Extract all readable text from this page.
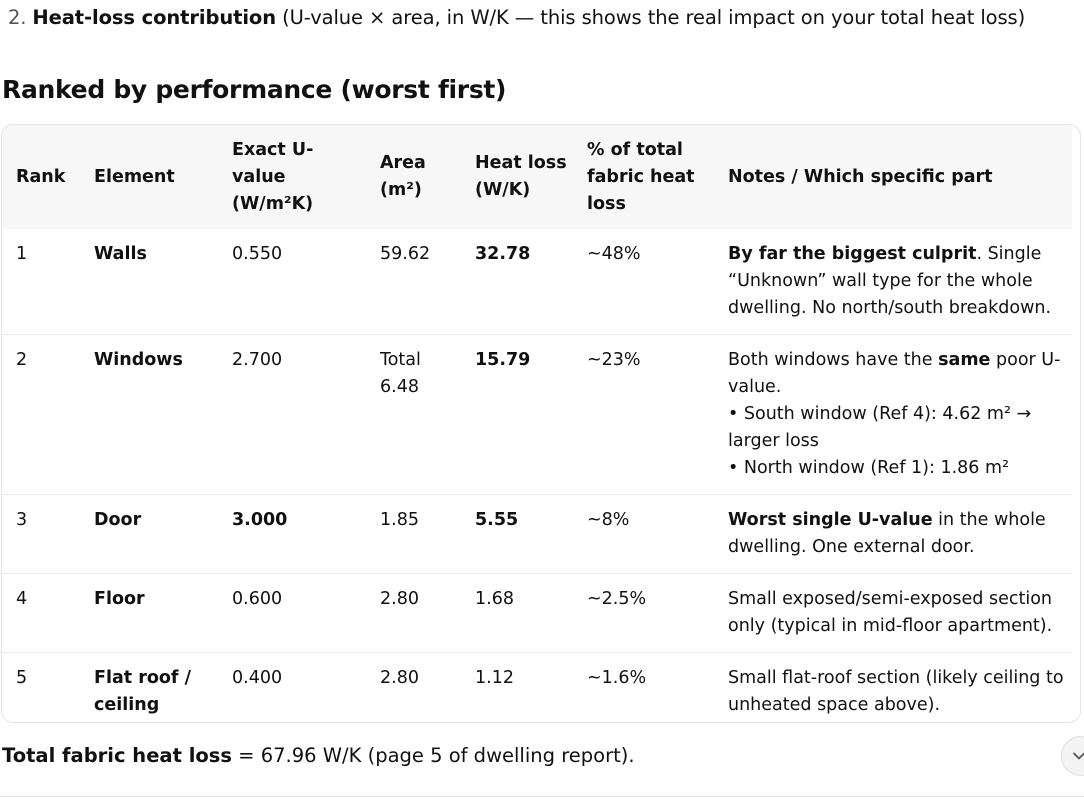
2. Heat-loss contribution (U-value × area, in W/K — this shows the real impact on your total heat loss)
Ranked by performance (worst first)
Rank	Element	Exact U-value (W/m²K)	Area (m²)	Heat loss (W/K)	% of total fabric heat loss	Notes / Which specific part
1	Walls	0.550	59.62	32.78	~48%	By far the biggest culprit. Single “Unknown” wall type for the whole dwelling. No north/south breakdown.
2	Windows	2.700	Total 6.48	15.79	~23%	Both windows have the same poor U-value.
• South window (Ref 4): 4.62 m² → larger loss
• North window (Ref 1): 1.86 m²
3	Door	3.000	1.85	5.55	~8%	Worst single U-value in the whole dwelling. One external door.
4	Floor	0.600	2.80	1.68	~2.5%	Small exposed/semi-exposed section only (typical in mid-floor apartment).
5	Flat roof / ceiling	0.400	2.80	1.12	~1.6%	Small flat-roof section (likely ceiling to unheated space above).
Total fabric heat loss = 67.96 W/K (page 5 of dwelling report).
